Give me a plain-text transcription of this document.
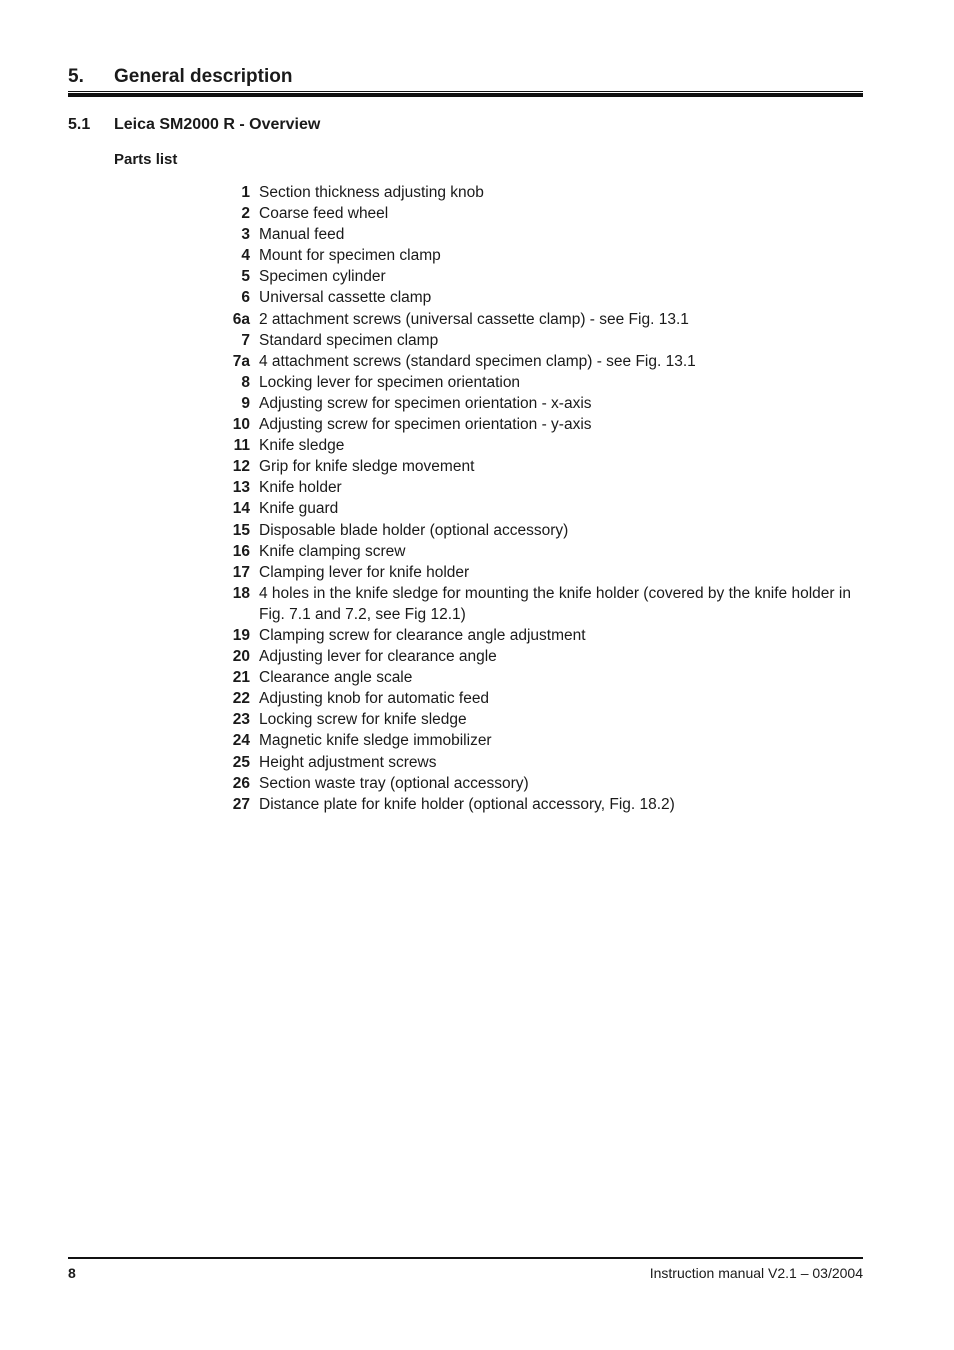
5. General description
5.1 Leica SM2000 R - Overview
Parts list
1 Section thickness adjusting knob
2 Coarse feed wheel
3 Manual feed
4 Mount for specimen clamp
5 Specimen cylinder
6 Universal cassette clamp
6a 2 attachment screws (universal cassette clamp) - see Fig. 13.1
7 Standard specimen clamp
7a 4 attachment screws (standard specimen clamp) - see Fig. 13.1
8 Locking lever for specimen orientation
9 Adjusting screw for specimen orientation - x-axis
10 Adjusting screw for specimen orientation - y-axis
11 Knife sledge
12 Grip for knife sledge movement
13 Knife holder
14 Knife guard
15 Disposable blade holder (optional accessory)
16 Knife clamping screw
17 Clamping lever for knife holder
18 4 holes in the knife sledge for mounting the knife holder (covered by the knife holder in Fig. 7.1 and 7.2, see Fig 12.1)
19 Clamping screw for clearance angle adjustment
20 Adjusting lever for clearance angle
21 Clearance angle scale
22 Adjusting knob for automatic feed
23 Locking screw for knife sledge
24 Magnetic knife sledge immobilizer
25 Height adjustment screws
26 Section waste tray (optional accessory)
27 Distance plate for knife holder (optional accessory, Fig. 18.2)
8	Instruction manual V2.1 – 03/2004
